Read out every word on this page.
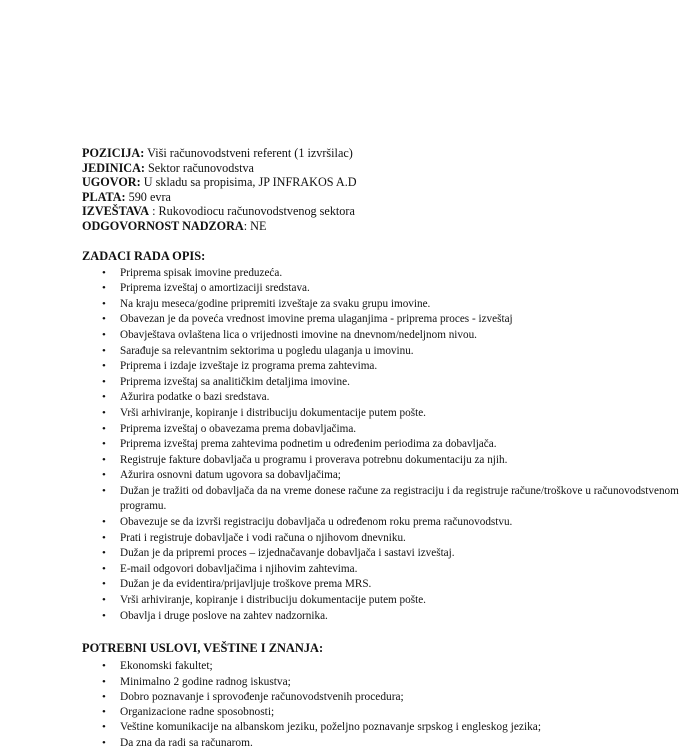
POZICIJA: Viši računovodstveni referent (1 izvršilac)
JEDINICA: Sektor računovodstva
UGOVOR: U skladu sa propisima, JP INFRAKOS A.D
PLATA: 590 evra
IZVEŠTAVA : Rukovodiocu računovodstvenog sektora
ODGOVORNOST NADZORA: NE
ZADACI RADA OPIS:
• Priprema spisak imovine preduzeća.
• Priprema izveštaj o amortizaciji sredstava.
• Na kraju meseca/godine pripremiti izveštaje za svaku grupu imovine.
• Obavezan je da poveća vrednost imovine prema ulaganjima - priprema proces - izveštaj
• Obavještava ovlaštena lica o vrijednosti imovine na dnevnom/nedeljnom nivou.
• Sarađuje sa relevantnim sektorima u pogledu ulaganja u imovinu.
• Priprema i izdaje izveštaje iz programa prema zahtevima.
• Priprema izveštaj sa analitičkim detaljima imovine.
• Ažurira podatke o bazi sredstava.
• Vrši arhiviranje, kopiranje i distribuciju dokumentacije putem pošte.
• Priprema izveštaj o obavezama prema dobavljačima.
• Priprema izveštaj prema zahtevima podnetim u određenim periodima za dobavljača.
• Registruje fakture dobavljača u programu i proverava potrebnu dokumentaciju za njih.
• Ažurira osnovni datum ugovora sa dobavljačima;
• Dužan je tražiti od dobavljača da na vreme donese račune za registraciju i da registruje račune/troškove u računovodstvenom programu.
• Obavezuje se da izvrši registraciju dobavljača u određenom roku prema računovodstvu.
• Prati i registruje dobavljače i vodi računa o njihovom dnevniku.
• Dužan je da pripremi proces – izjednačavanje dobavljača i sastavi izveštaj.
• E-mail odgovori dobavljačima i njihovim zahtevima.
• Dužan je da evidentira/prijavljuje troškove prema MRS.
• Vrši arhiviranje, kopiranje i distribuciju dokumentacije putem pošte.
• Obavlja i druge poslove na zahtev nadzornika.
POTREBNI USLOVI, VEŠTINE I ZNANJA:
• Ekonomski fakultet;
• Minimalno 2 godine radnog iskustva;
• Dobro poznavanje i sprovođenje računovodstvenih procedura;
• Organizacione radne sposobnosti;
• Veštine komunikacije na albanskom jeziku, poželjno poznavanje srpskog i engleskog jezika;
• Da zna da radi sa računarom.
